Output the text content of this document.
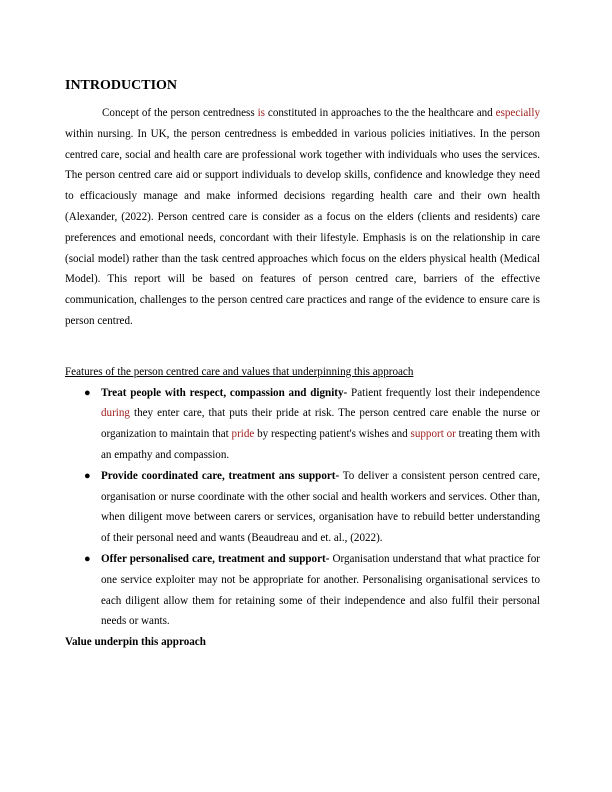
INTRODUCTION

Concept of the person centredness is constituted in approaches to the the healthcare and especially within nursing. In UK, the person centredness is embedded in various policies initiatives. In the person centred care, social and health care are professional work together with individuals who uses the services. The person centred care aid or support individuals to develop skills, confidence and knowledge they need to efficaciously manage and make informed decisions regarding health care and their own health (Alexander, (2022). Person centred care is consider as a focus on the elders (clients and residents) care preferences and emotional needs, concordant with their lifestyle. Emphasis is on the relationship in care (social model) rather than the task centred approaches which focus on the elders physical health (Medical Model). This report will be based on features of person centred care, barriers of the effective communication, challenges to the person centred care practices and range of the evidence to ensure care is person centred.

Features of the person centred care and values that underpinning this approach

● Treat people with respect, compassion and dignity- Patient frequently lost their independence during they enter care, that puts their pride at risk. The person centred care enable the nurse or organization to maintain that pride by respecting patient's wishes and support or treating them with an empathy and compassion.
● Provide coordinated care, treatment ans support- To deliver a consistent person centred care, organisation or nurse coordinate with the other social and health workers and services. Other than, when diligent move between carers or services, organisation have to rebuild better understanding of their personal need and wants (Beaudreau and et. al., (2022).
● Offer personalised care, treatment and support- Organisation understand that what practice for one service exploiter may not be appropriate for another. Personalising organisational services to each diligent allow them for retaining some of their independence and also fulfil their personal needs or wants.

Value underpin this approach
